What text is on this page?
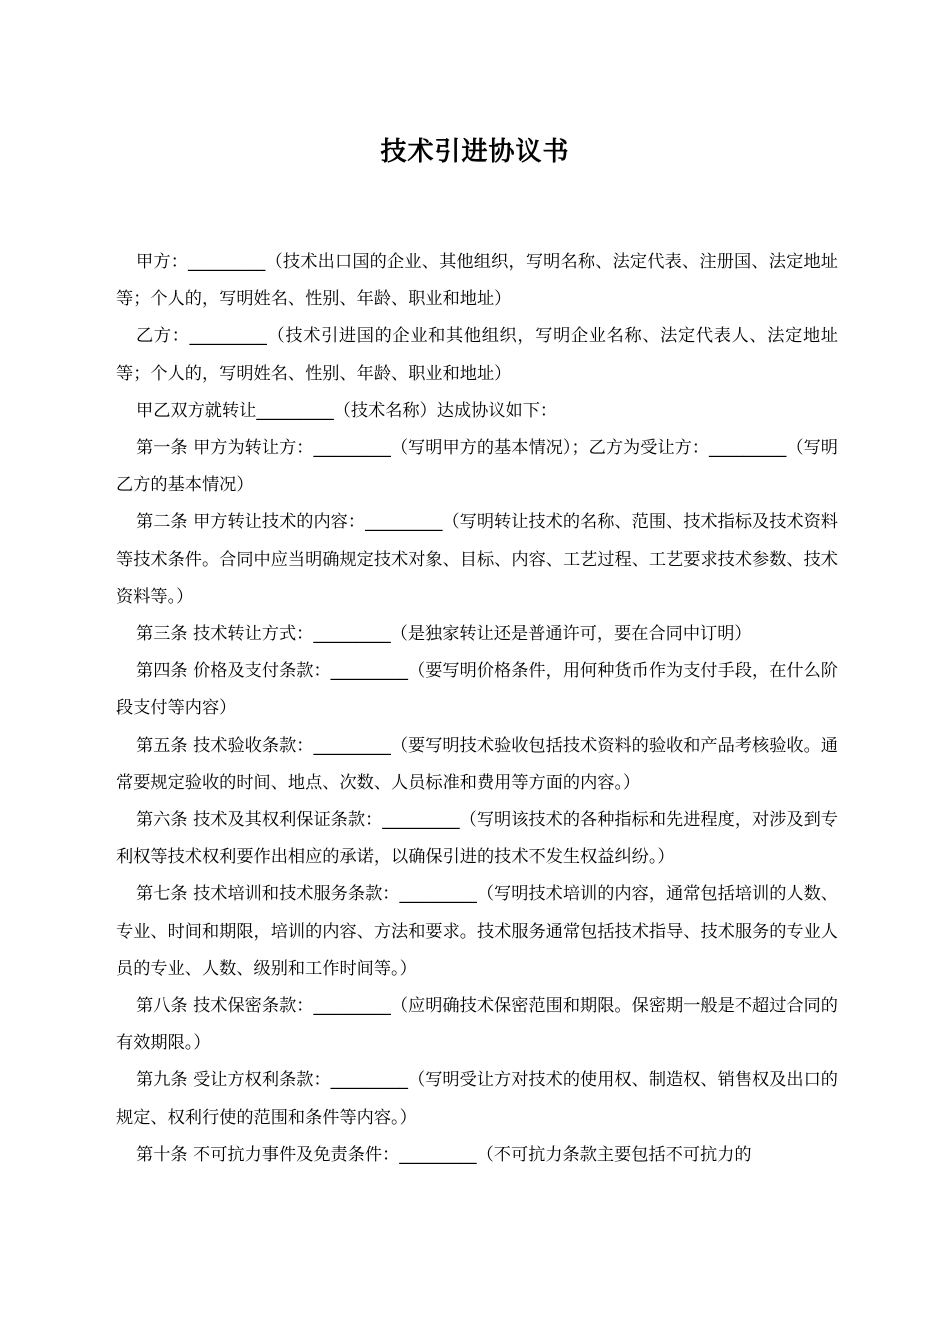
技术引进协议书

甲方：_________（技术出口国的企业、其他组织，写明名称、法定代表、注册国、法定地址等；个人的，写明姓名、性别、年龄、职业和地址）

乙方：_________（技术引进国的企业和其他组织，写明企业名称、法定代表人、法定地址等；个人的，写明姓名、性别、年龄、职业和地址）

甲乙双方就转让_________（技术名称）达成协议如下：

第一条 甲方为转让方：_________（写明甲方的基本情况）；乙方为受让方：_________（写明乙方的基本情况）

第二条 甲方转让技术的内容：_________（写明转让技术的名称、范围、技术指标及技术资料等技术条件。合同中应当明确规定技术对象、目标、内容、工艺过程、工艺要求技术参数、技术资料等。）

第三条 技术转让方式：_________（是独家转让还是普通许可，要在合同中订明）

第四条 价格及支付条款：_________（要写明价格条件，用何种货币作为支付手段，在什么阶段支付等内容）

第五条 技术验收条款：_________（要写明技术验收包括技术资料的验收和产品考核验收。通常要规定验收的时间、地点、次数、人员标准和费用等方面的内容。）

第六条 技术及其权利保证条款：_________（写明该技术的各种指标和先进程度，对涉及到专利权等技术权利要作出相应的承诺，以确保引进的技术不发生权益纠纷。）

第七条 技术培训和技术服务条款：_________（写明技术培训的内容，通常包括培训的人数、专业、时间和期限，培训的内容、方法和要求。技术服务通常包括技术指导、技术服务的专业人员的专业、人数、级别和工作时间等。）

第八条 技术保密条款：_________（应明确技术保密范围和期限。保密期一般是不超过合同的有效期限。）

第九条 受让方权利条款：_________（写明受让方对技术的使用权、制造权、销售权及出口的规定、权利行使的范围和条件等内容。）

第十条 不可抗力事件及免责条件：_________（不可抗力条款主要包括不可抗力的
